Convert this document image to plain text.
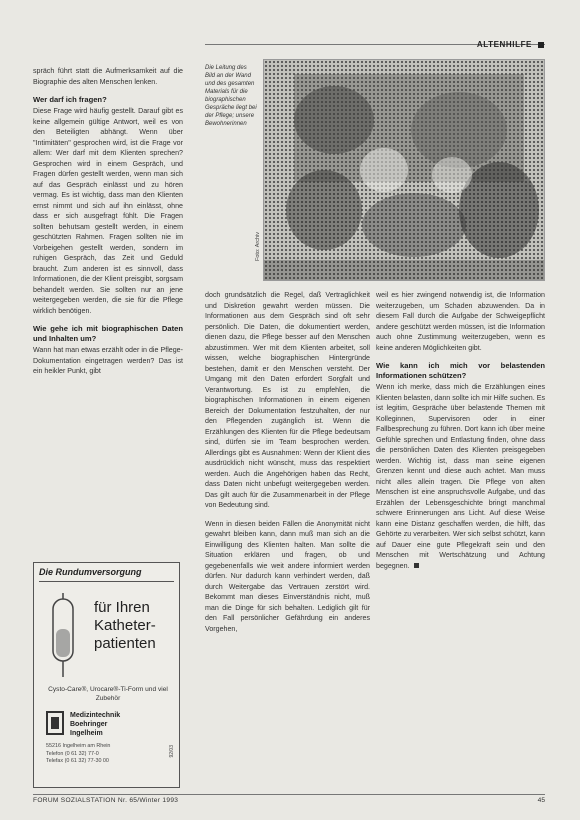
ALTENHILFE

spräch führt statt die Aufmerksamkeit auf die Biographie des alten Menschen lenken.

Wer darf ich fragen?

Diese Frage wird häufig gestellt. Darauf gibt es keine allgemein gültige Antwort, weil es von den Beteiligten abhängt. Wenn über "Intimitäten" gesprochen wird, ist die Frage vor allem: Wer darf mit dem Klienten sprechen? Gesprochen wird in einem Gespräch, und Fragen dürfen gestellt werden, wenn man sich auf das Gespräch einlässt und zu hören vermag. Es ist wichtig, dass man den Klienten ernst nimmt und sich auf ihn einlässt, ohne dass er sich ausgefragt fühlt. Die Fragen sollten behutsam gestellt werden, in einem geschützten Rahmen. Fragen sollten nie im Vorbeigehen gestellt werden, sondern im ruhigen Gespräch, das Zeit und Geduld braucht. Zum anderen ist es sinnvoll, dass Informationen, die der Klient preisgibt, sorgsam behandelt werden. Sie sollten nur an jene weitergegeben werden, die sie für die Pflege wirklich benötigen.

Wie gehe ich mit biographischen Daten und Inhalten um?

Wann hat man etwas erzählt oder in die Pflege-Dokumentation eingetragen werden? Das ist ein heikler Punkt, gibt

Die Leitung des Bild an der Wand und des gesamten Materials für die biographischen Gespräche liegt bei der Pflege; unsere Bewohnerinnen
Foto: Archiv

doch grundsätzlich die Regel, daß Vertraglichkeit und Diskretion gewahrt werden müssen. Die Informationen aus dem Gespräch sind oft sehr persönlich. Die Daten, die dokumentiert werden, dienen dazu, die Pflege besser auf den Menschen abzustimmen. Wer mit dem Klienten arbeitet, soll wissen, welche biographischen Hintergründe bestehen, damit er den Menschen versteht. Der Umgang mit den Daten erfordert Sorgfalt und Verantwortung. Es ist zu empfehlen, die biographischen Informationen in einem eigenen Bereich der Dokumentation festzuhalten, der nur den Pflegenden zugänglich ist. Wenn die Erzählungen des Klienten für die Pflege bedeutsam sind, dürfen sie im Team besprochen werden. Allerdings gibt es Ausnahmen: Wenn der Klient dies ausdrücklich nicht wünscht, muss das respektiert werden. Auch die Angehörigen haben das Recht, dass Daten nicht unbefugt weitergegeben werden. Das gilt auch für die Zusammenarbeit in der Pflege von Bedeutung sind.

Wenn in diesen beiden Fällen die Anonymität nicht gewahrt bleiben kann, dann muß man sich an die Einwilligung des Klienten halten. Man sollte die Situation erklären und fragen, ob und gegebenenfalls wie weit andere informiert werden dürfen. Nur dadurch kann verhindert werden, daß durch Weitergabe das Vertrauen zerstört wird. Bekommt man dieses Einverständnis nicht, muß man die Dinge für sich behalten. Lediglich gilt für den Fall persönlicher Gefährdung ein anderes Vorgehen,

weil es hier zwingend notwendig ist, die Information weiterzugeben, um Schaden abzuwenden. Da in diesem Fall durch die Aufgabe der Schweigepflicht andere geschützt werden müssen, ist die Information auch ohne Zustimmung weiterzugeben, wenn es keine anderen Möglichkeiten gibt.

Wie kann ich mich vor belastenden Informationen schützen?

Wenn ich merke, dass mich die Erzählungen eines Klienten belasten, dann sollte ich mir Hilfe suchen. Es ist legitim, Gespräche über belastende Themen mit Kolleginnen, Supervisoren oder in einer Fallbesprechung zu führen. Dort kann ich über meine Gefühle sprechen und Entlastung finden, ohne dass die persönlichen Daten des Klienten preisgegeben werden. Wichtig ist, dass man seine eigenen Grenzen kennt und diese auch achtet. Man muss nicht alles allein tragen. Die Pflege von alten Menschen ist eine anspruchsvolle Aufgabe, und das Erzählen der Lebensgeschichte bringt manchmal schwere Erinnerungen ans Licht. Auf diese Weise kann eine Distanz geschaffen werden, die hilft, das Gehörte zu verarbeiten. Wer sich selbst schützt, kann auf Dauer eine gute Pflegekraft sein und den Menschen mit Wertschätzung und Achtung begegnen.

Die Rundumversorgung
für Ihren
Katheter-
patienten
Cysto-Care®, Urocare®-Ti-Form und viel Zubehör
Medizintechnik
Boehringer
Ingelheim
55216 Ingelheim am Rhein
Telefon (0 61 32) 77-0
Telefax (0 61 32) 77-30 00
92/03
FORUM SOZIALSTATION Nr. 65/Winter 1993	45
